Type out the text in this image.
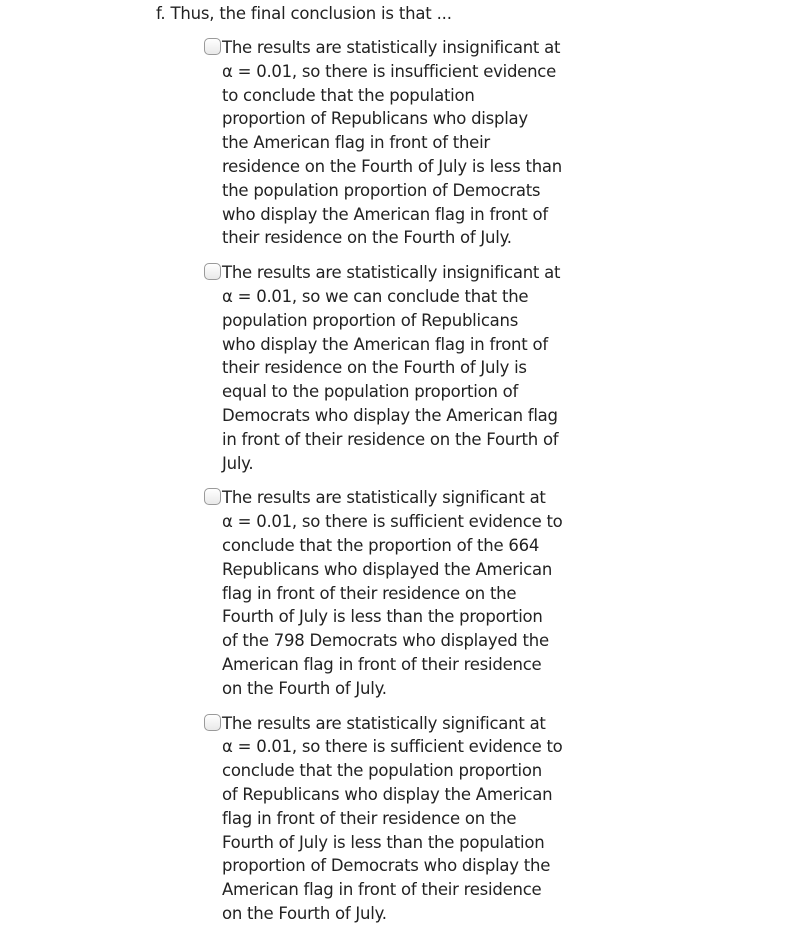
f. Thus, the final conclusion is that ...
The results are statistically insignificant at
α = 0.01, so there is insufficient evidence
to conclude that the population
proportion of Republicans who display
the American flag in front of their
residence on the Fourth of July is less than
the population proportion of Democrats
who display the American flag in front of
their residence on the Fourth of July.
The results are statistically insignificant at
α = 0.01, so we can conclude that the
population proportion of Republicans
who display the American flag in front of
their residence on the Fourth of July is
equal to the population proportion of
Democrats who display the American flag
in front of their residence on the Fourth of
July.
The results are statistically significant at
α = 0.01, so there is sufficient evidence to
conclude that the proportion of the 664
Republicans who displayed the American
flag in front of their residence on the
Fourth of July is less than the proportion
of the 798 Democrats who displayed the
American flag in front of their residence
on the Fourth of July.
The results are statistically significant at
α = 0.01, so there is sufficient evidence to
conclude that the population proportion
of Republicans who display the American
flag in front of their residence on the
Fourth of July is less than the population
proportion of Democrats who display the
American flag in front of their residence
on the Fourth of July.
